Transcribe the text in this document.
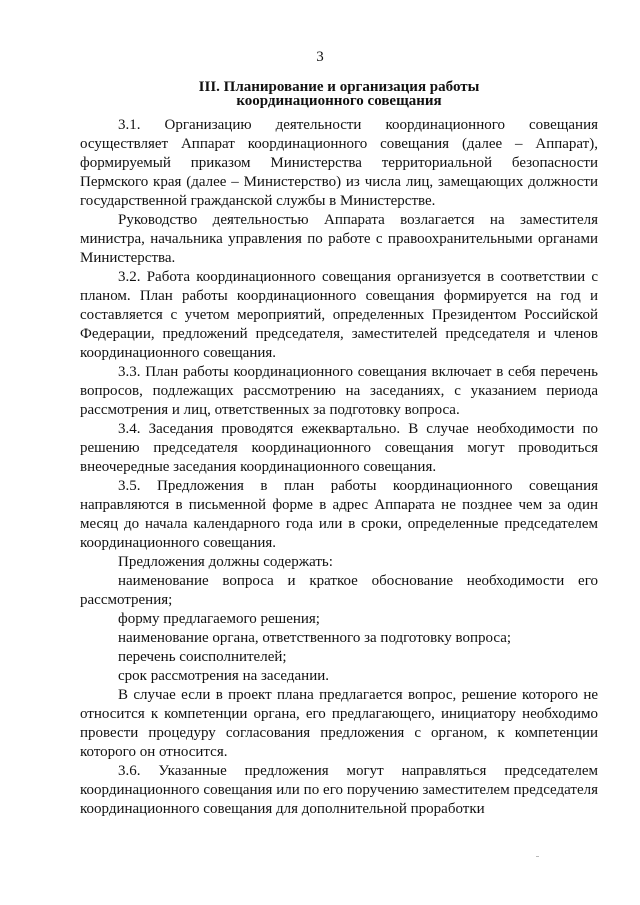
3
III. Планирование и организация работы
координационного совещания

3.1. Организацию деятельности координационного совещания осуществляет Аппарат координационного совещания (далее – Аппарат), формируемый приказом Министерства территориальной безопасности Пермского края (далее – Министерство) из числа лиц, замещающих должности государственной гражданской службы в Министерстве.

Руководство деятельностью Аппарата возлагается на заместителя министра, начальника управления по работе с правоохранительными органами Министерства.

3.2. Работа координационного совещания организуется в соответствии с планом. План работы координационного совещания формируется на год и составляется с учетом мероприятий, определенных Президентом Российской Федерации, предложений председателя, заместителей председателя и членов координационного совещания.

3.3. План работы координационного совещания включает в себя перечень вопросов, подлежащих рассмотрению на заседаниях, с указанием периода рассмотрения и лиц, ответственных за подготовку вопроса.

3.4. Заседания проводятся ежеквартально. В случае необходимости по решению председателя координационного совещания могут проводиться внеочередные заседания координационного совещания.

3.5. Предложения в план работы координационного совещания направляются в письменной форме в адрес Аппарата не позднее чем за один месяц до начала календарного года или в сроки, определенные председателем координационного совещания.

Предложения должны содержать:

наименование вопроса и краткое обоснование необходимости его рассмотрения;

форму предлагаемого решения;

наименование органа, ответственного за подготовку вопроса;

перечень соисполнителей;

срок рассмотрения на заседании.

В случае если в проект плана предлагается вопрос, решение которого не относится к компетенции органа, его предлагающего, инициатору необходимо провести процедуру согласования предложения с органом, к компетенции которого он относится.

3.6. Указанные предложения могут направляться председателем координационного совещания или по его поручению заместителем председателя координационного совещания для дополнительной проработки
